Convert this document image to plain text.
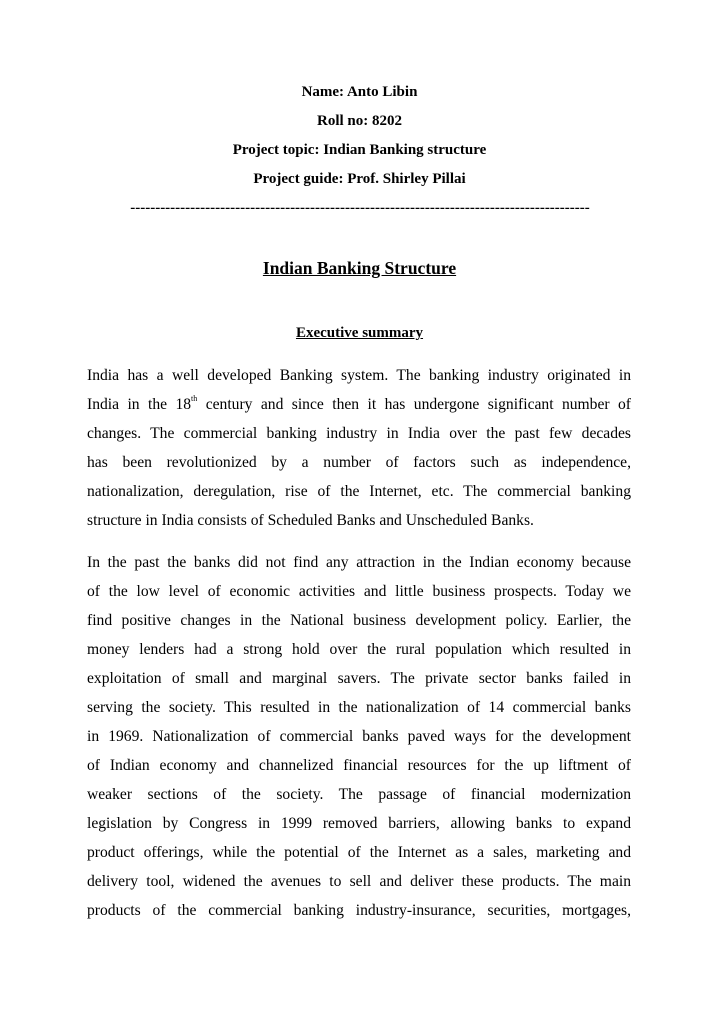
Name: Anto Libin
Roll no: 8202
Project topic: Indian Banking structure
Project guide: Prof. Shirley Pillai
--------------------------------------------------------------------------------------------
Indian Banking Structure
Executive summary
India has a well developed Banking system. The banking industry originated in
India in the 18th century and since then it has undergone significant number of
changes. The commercial banking industry in India over the past few decades
has been revolutionized by a number of factors such as independence,
nationalization, deregulation, rise of the Internet, etc. The commercial banking
structure in India consists of Scheduled Banks and Unscheduled Banks.
In the past the banks did not find any attraction in the Indian economy because
of the low level of economic activities and little business prospects. Today we
find positive changes in the National business development policy. Earlier, the
money lenders had a strong hold over the rural population which resulted in
exploitation of small and marginal savers. The private sector banks failed in
serving the society. This resulted in the nationalization of 14 commercial banks
in 1969. Nationalization of commercial banks paved ways for the development
of Indian economy and channelized financial resources for the up liftment of
weaker sections of the society. The passage of financial modernization
legislation by Congress in 1999 removed barriers, allowing banks to expand
product offerings, while the potential of the Internet as a sales, marketing and
delivery tool, widened the avenues to sell and deliver these products. The main
products of the commercial banking industry-insurance, securities, mortgages,
